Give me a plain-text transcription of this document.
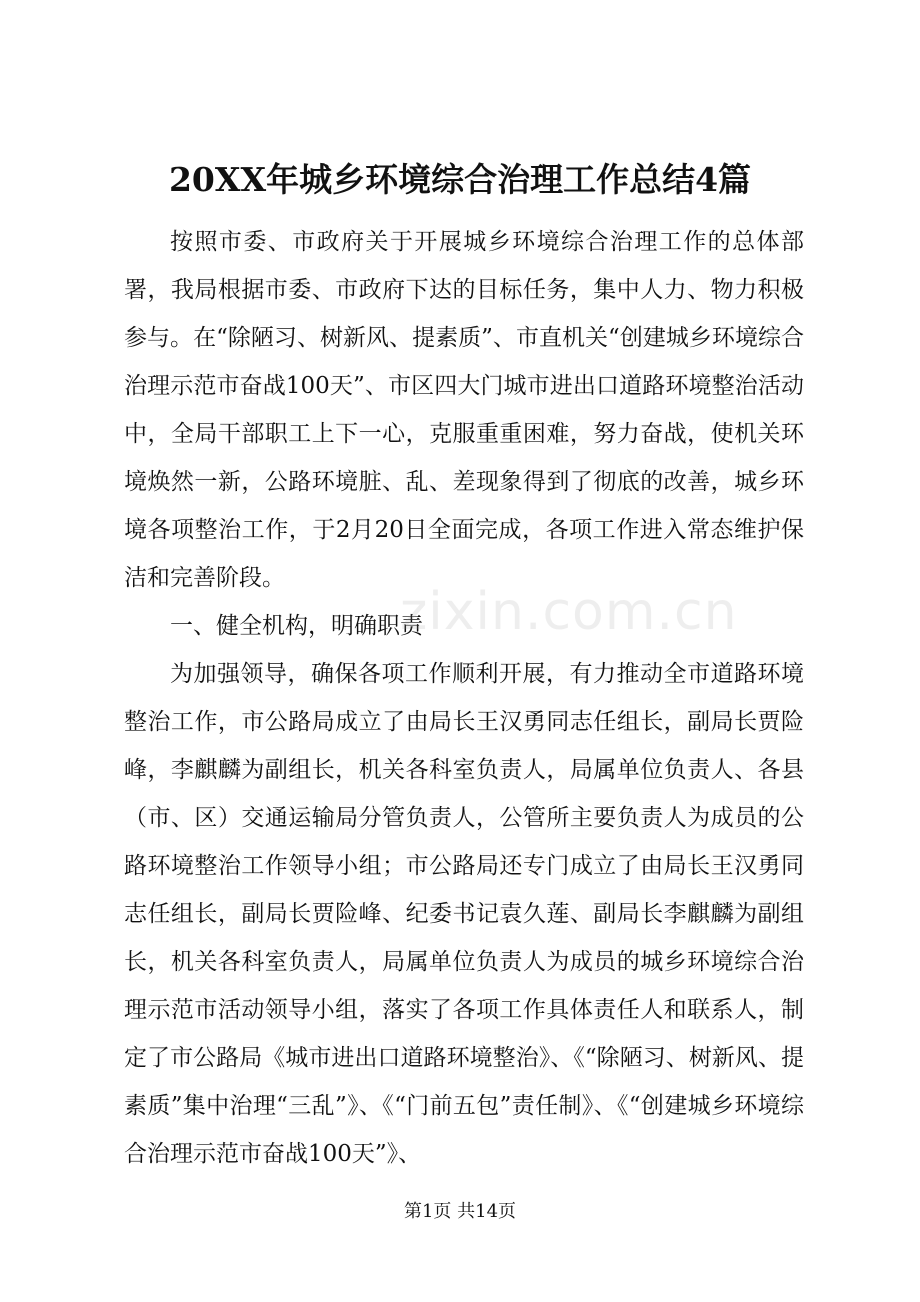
20XX年城乡环境综合治理工作总结4篇

按照市委、市政府关于开展城乡环境综合治理工作的总体部署，我局根据市委、市政府下达的目标任务，集中人力、物力积极参与。在“除陋习、树新风、提素质”、市直机关“创建城乡环境综合治理示范市奋战100天”、市区四大门城市进出口道路环境整治活动中，全局干部职工上下一心，克服重重困难，努力奋战，使机关环境焕然一新，公路环境脏、乱、差现象得到了彻底的改善，城乡环境各项整治工作，于2月20日全面完成，各项工作进入常态维护保洁和完善阶段。

一、健全机构，明确职责

为加强领导，确保各项工作顺利开展，有力推动全市道路环境整治工作，市公路局成立了由局长王汉勇同志任组长，副局长贾险峰，李麒麟为副组长，机关各科室负责人，局属单位负责人、各县（市、区）交通运输局分管负责人，公管所主要负责人为成员的公路环境整治工作领导小组；市公路局还专门成立了由局长王汉勇同志任组长，副局长贾险峰、纪委书记袁久莲、副局长李麒麟为副组长，机关各科室负责人，局属单位负责人为成员的城乡环境综合治理示范市活动领导小组，落实了各项工作具体责任人和联系人，制定了市公路局《城市进出口道路环境整治》、《“除陋习、树新风、提素质”集中治理“三乱”》、《“门前五包”责任制》、《“创建城乡环境综合治理示范市奋战100天”》、

zixin.com.cn
第1页 共14页
